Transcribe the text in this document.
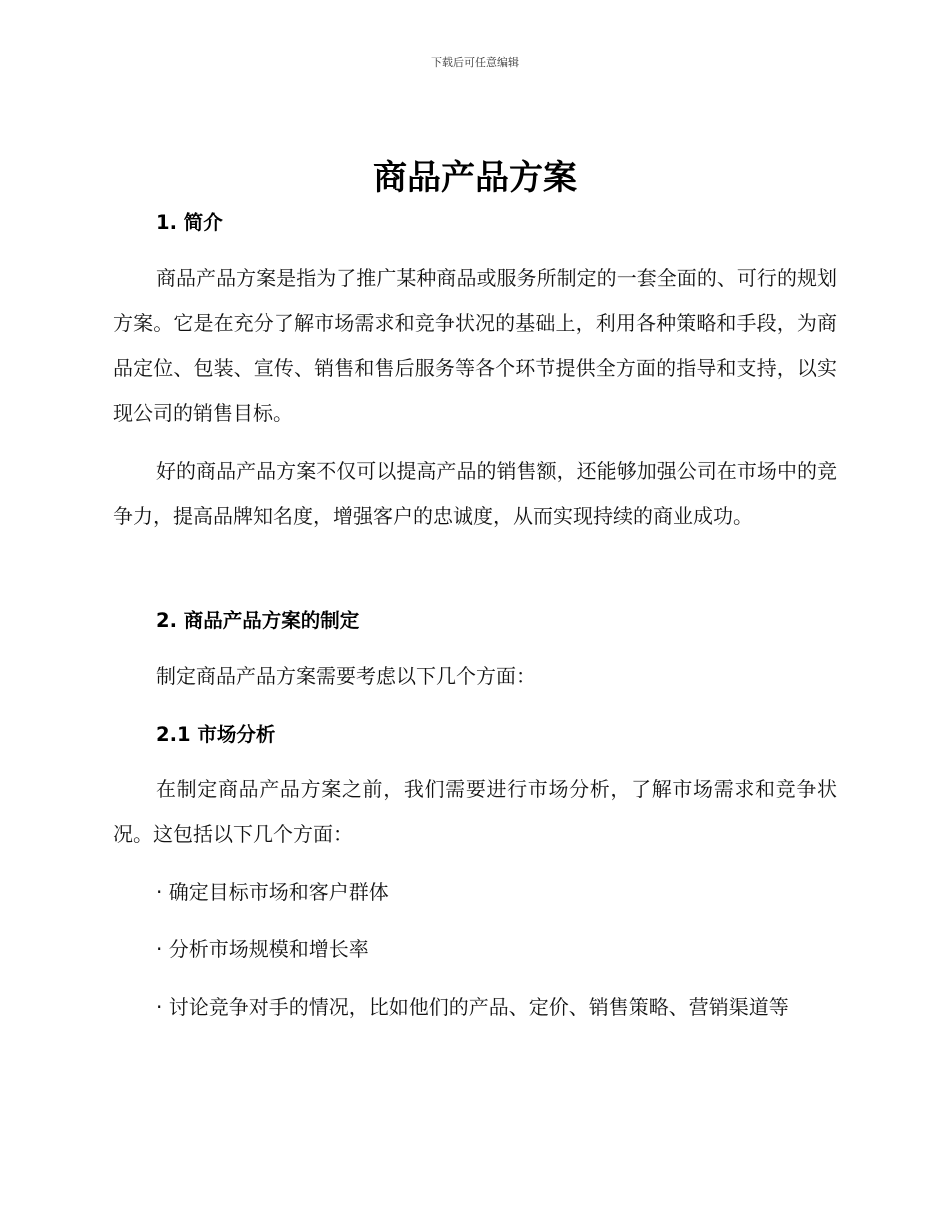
下载后可任意编辑
商品产品方案
1. 简介

商品产品方案是指为了推广某种商品或服务所制定的一套全面的、可行的规划方案。它是在充分了解市场需求和竞争状况的基础上，利用各种策略和手段，为商品定位、包装、宣传、销售和售后服务等各个环节提供全方面的指导和支持，以实现公司的销售目标。

好的商品产品方案不仅可以提高产品的销售额，还能够加强公司在市场中的竞争力，提高品牌知名度，增强客户的忠诚度，从而实现持续的商业成功。

2. 商品产品方案的制定

制定商品产品方案需要考虑以下几个方面：

2.1 市场分析

在制定商品产品方案之前，我们需要进行市场分析，了解市场需求和竞争状况。这包括以下几个方面：

· 确定目标市场和客户群体

· 分析市场规模和增长率

· 讨论竞争对手的情况，比如他们的产品、定价、销售策略、营销渠道等
